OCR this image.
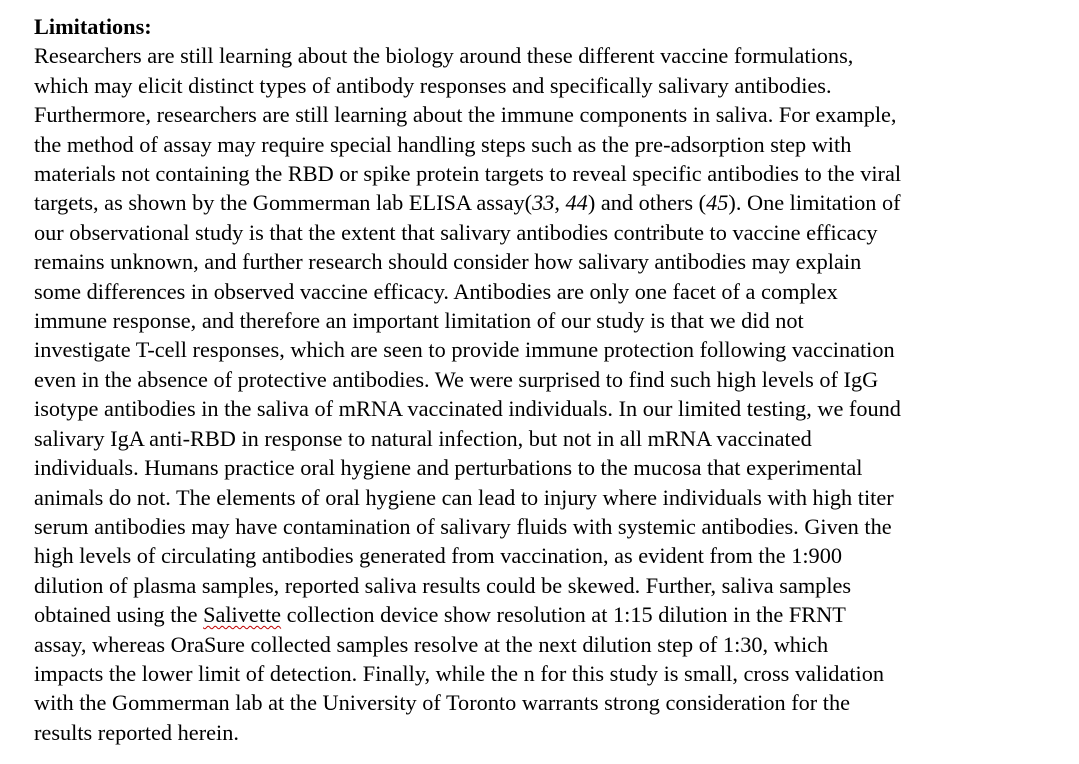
Limitations:

Researchers are still learning about the biology around these different vaccine formulations,

which may elicit distinct types of antibody responses and specifically salivary antibodies.

Furthermore, researchers are still learning about the immune components in saliva. For example,

the method of assay may require special handling steps such as the pre-adsorption step with

materials not containing the RBD or spike protein targets to reveal specific antibodies to the viral

targets, as shown by the Gommerman lab ELISA assay(33, 44) and others (45). One limitation of

our observational study is that the extent that salivary antibodies contribute to vaccine efficacy

remains unknown, and further research should consider how salivary antibodies may explain

some differences in observed vaccine efficacy. Antibodies are only one facet of a complex

immune response, and therefore an important limitation of our study is that we did not

investigate T-cell responses, which are seen to provide immune protection following vaccination

even in the absence of protective antibodies. We were surprised to find such high levels of IgG

isotype antibodies in the saliva of mRNA vaccinated individuals. In our limited testing, we found

salivary IgA anti-RBD in response to natural infection, but not in all mRNA vaccinated

individuals. Humans practice oral hygiene and perturbations to the mucosa that experimental

animals do not. The elements of oral hygiene can lead to injury where individuals with high titer

serum antibodies may have contamination of salivary fluids with systemic antibodies. Given the

high levels of circulating antibodies generated from vaccination, as evident from the 1:900

dilution of plasma samples, reported saliva results could be skewed. Further, saliva samples

obtained using the Salivette collection device show resolution at 1:15 dilution in the FRNT

assay, whereas OraSure collected samples resolve at the next dilution step of 1:30, which

impacts the lower limit of detection. Finally, while the n for this study is small, cross validation

with the Gommerman lab at the University of Toronto warrants strong consideration for the

results reported herein.
